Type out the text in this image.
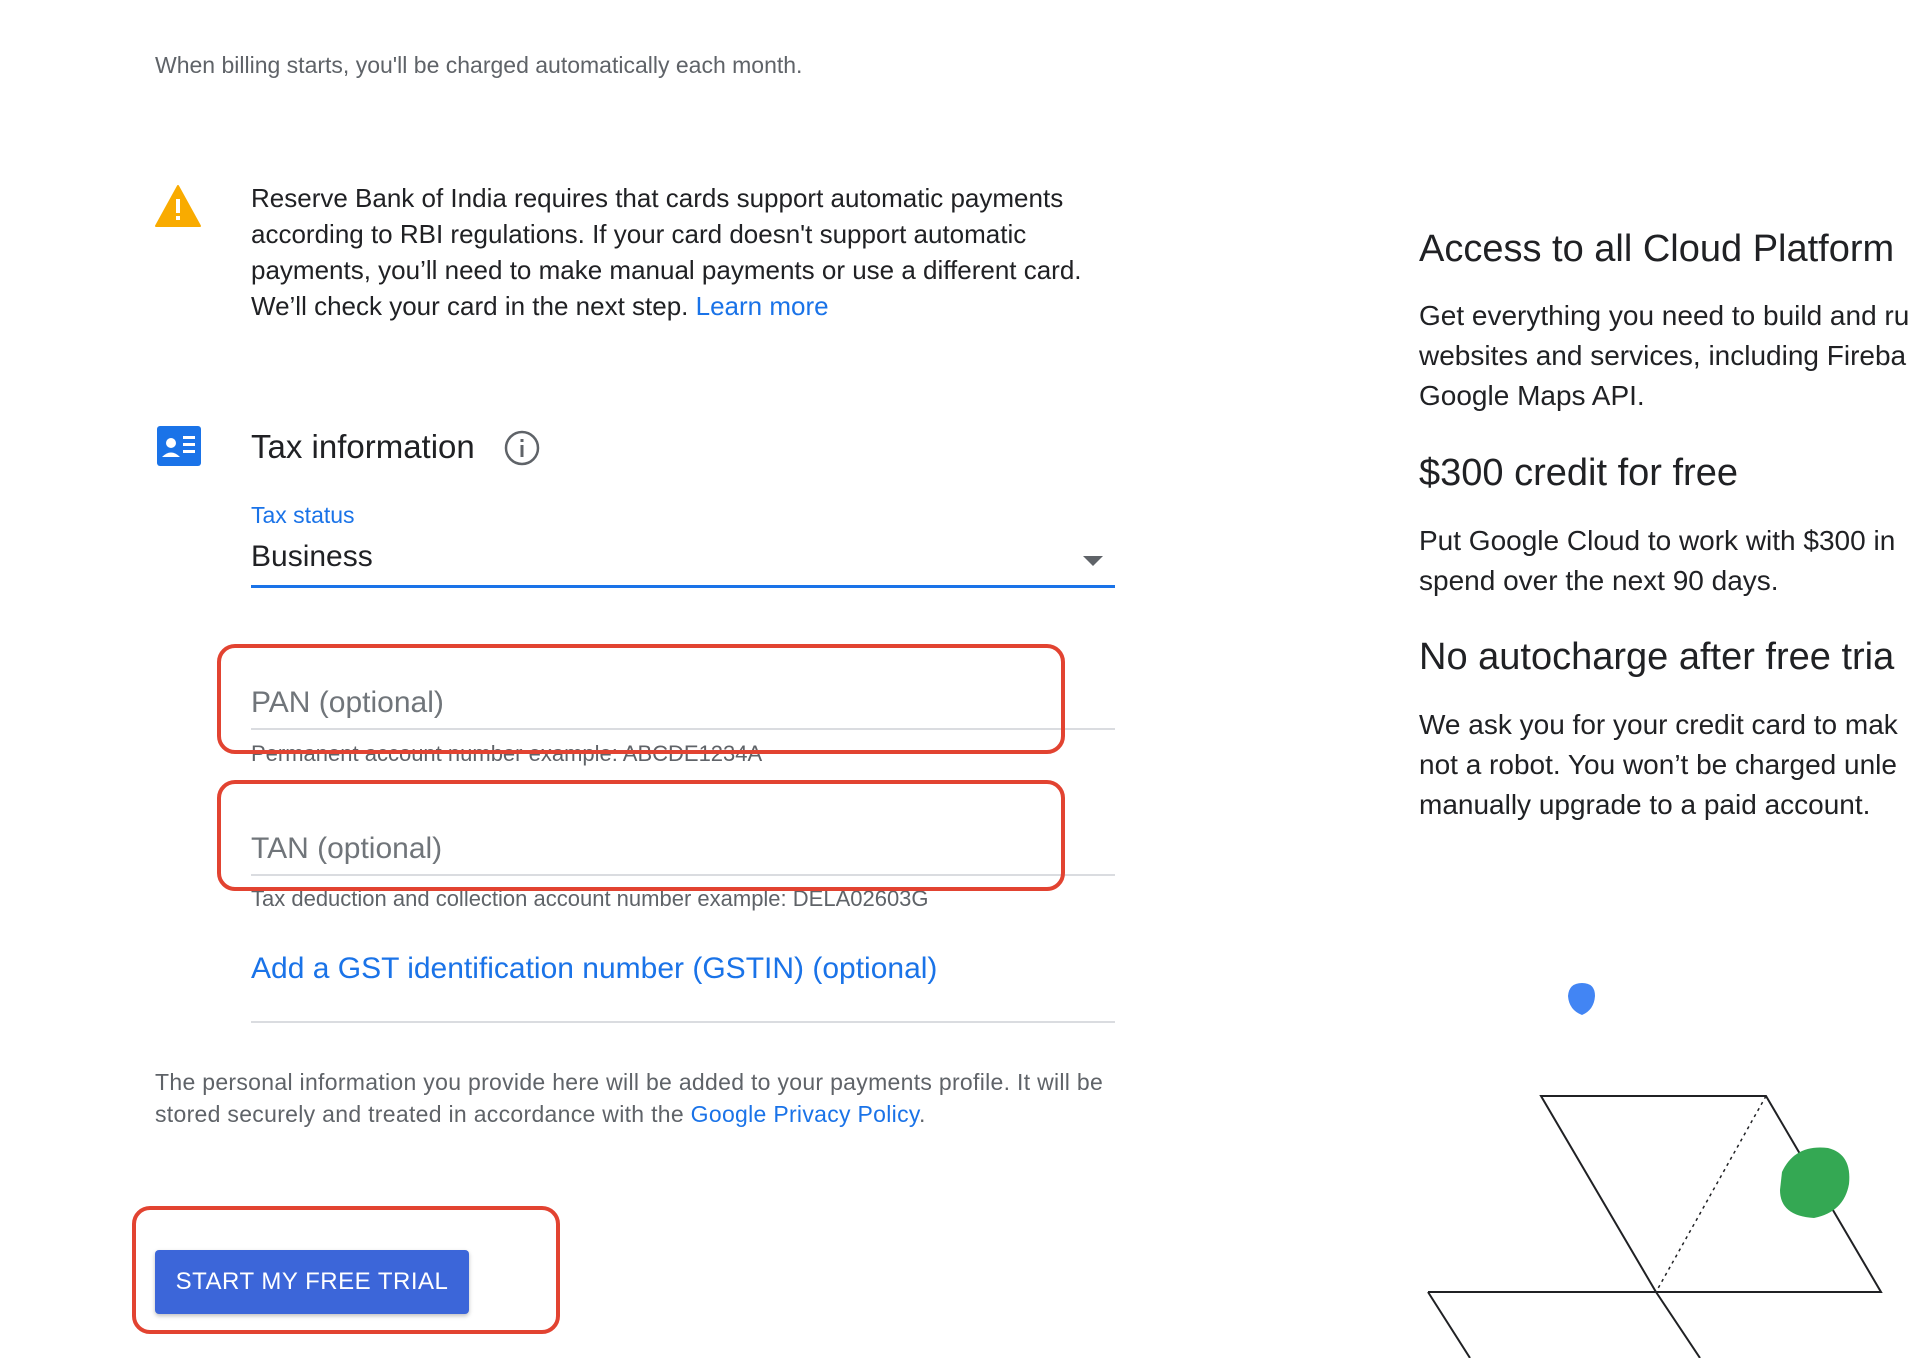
When billing starts, you'll be charged automatically each month.
Reserve Bank of India requires that cards support automatic payments according to RBI regulations. If your card doesn't support automatic payments, you’ll need to make manual payments or use a different card. We’ll check your card in the next step. Learn more
Tax information
Tax status
Business
PAN (optional)
Permanent account number example: ABCDE1234A
TAN (optional)
Tax deduction and collection account number example: DELA02603G
Add a GST identification number (GSTIN) (optional)
The personal information you provide here will be added to your payments profile. It will be stored securely and treated in accordance with the Google Privacy Policy.
START MY FREE TRIAL
Access to all Cloud Platform
Get everything you need to build and ru
websites and services, including Fireba
Google Maps API.
$300 credit for free
Put Google Cloud to work with $300 in
spend over the next 90 days.
No autocharge after free tria
We ask you for your credit card to mak
not a robot. You won’t be charged unle
manually upgrade to a paid account.
